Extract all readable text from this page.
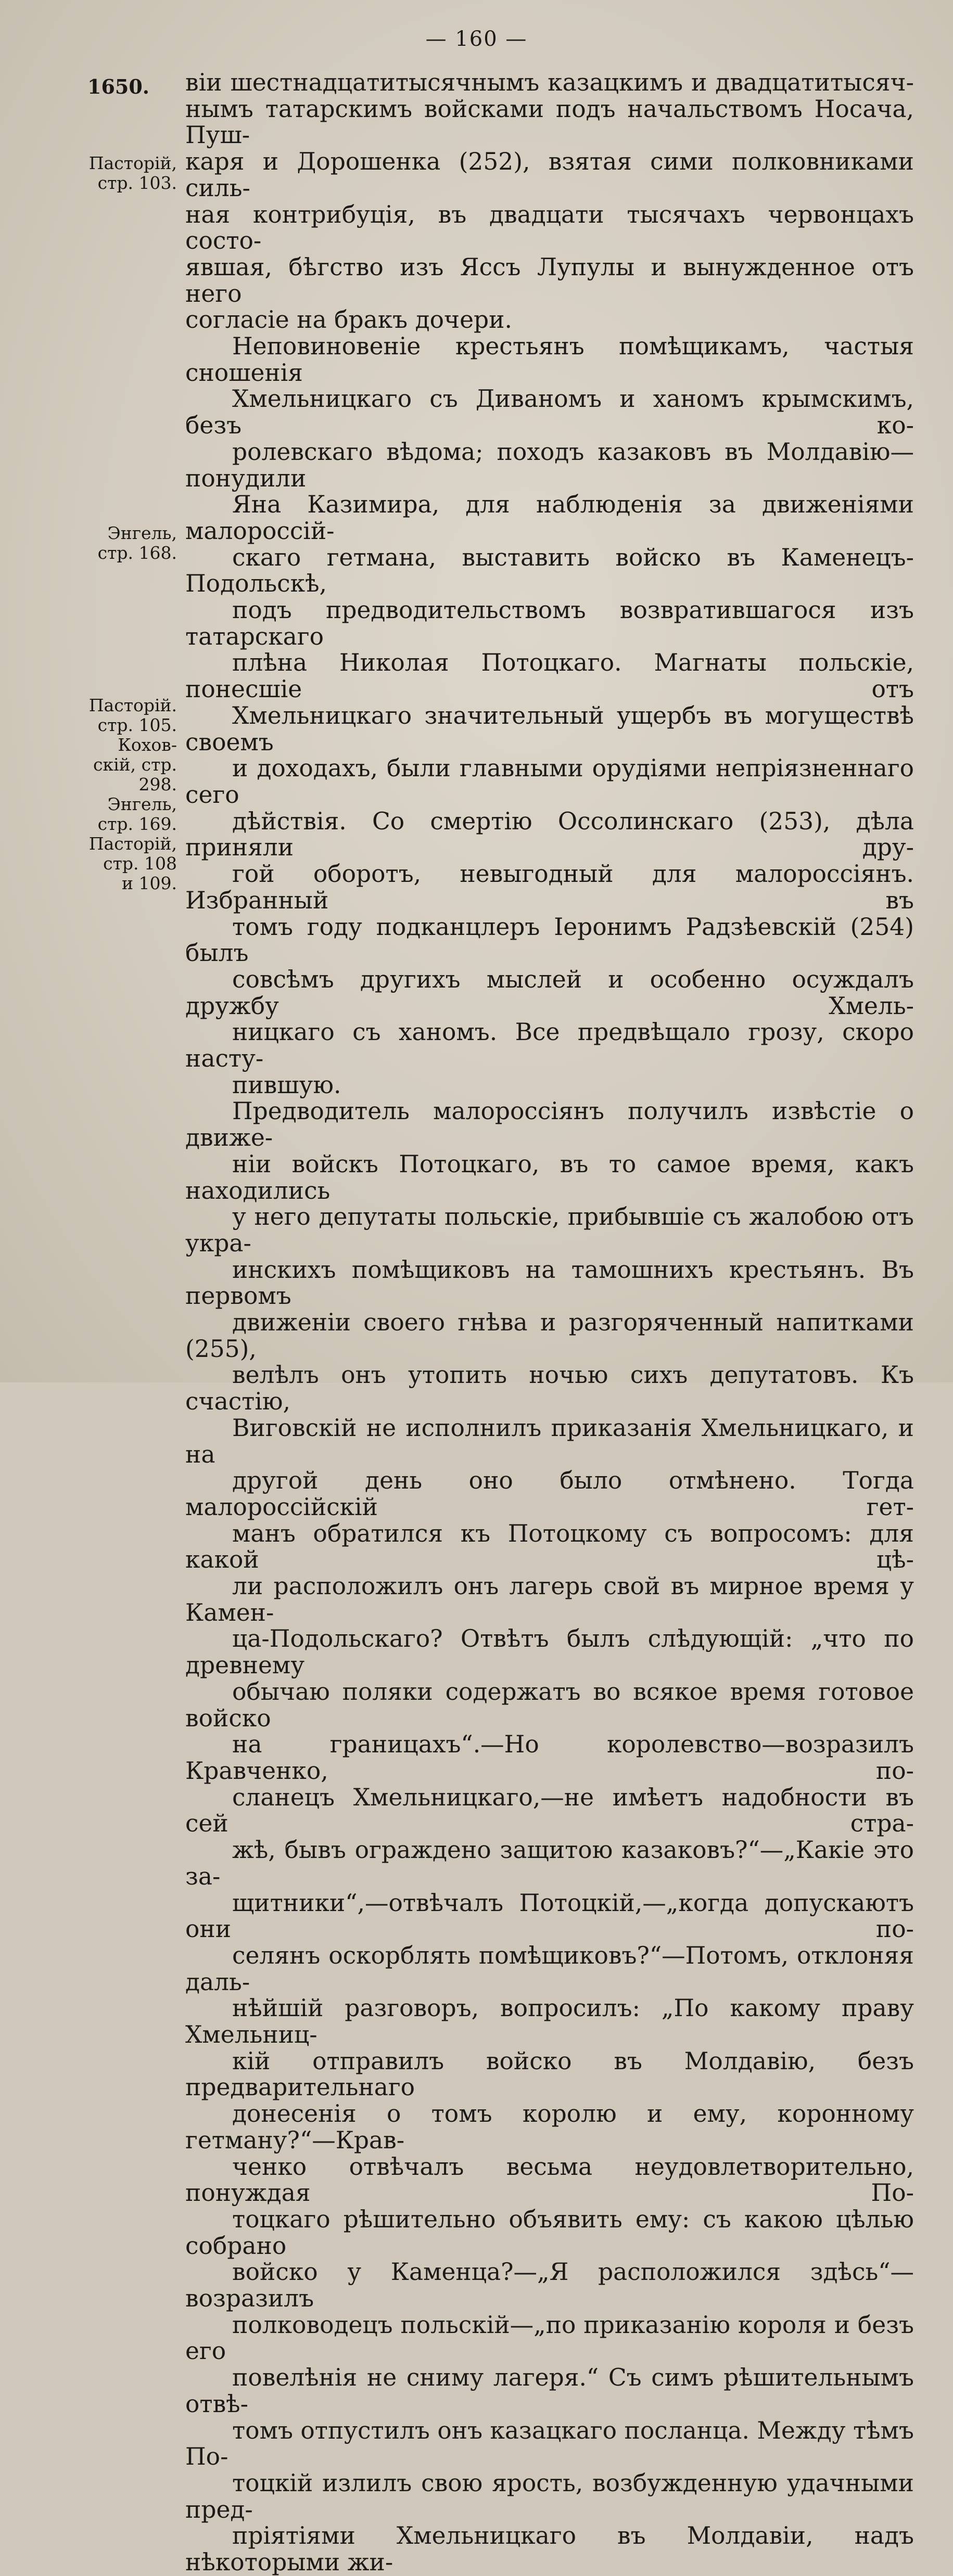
— 160 —
1650.
Пасторій,
стр. 103.
Энгель,
стр. 168.
Пасторій.
стр. 105.
Кохов-
скій, стр.
298.
Энгель,
стр. 169.
Пасторій,
стр. 108
и 109.

віи шестнадцатитысячнымъ казацкимъ и двадцатитысяч-
нымъ татарскимъ войсками подъ начальствомъ Носача, Пуш-
каря и Дорошенка (252), взятая сими полковниками силь-
ная контрибуція, въ двадцати тысячахъ червонцахъ состо-
явшая, бѣгство изъ Яссъ Лупулы и вынужденное отъ него
согласіе на бракъ дочери.

Неповиновеніе крестьянъ помѣщикамъ, частыя сношенія
Хмельницкаго съ Диваномъ и ханомъ крымскимъ, безъ ко-
ролевскаго вѣдома; походъ казаковъ въ Молдавію—понудили
Яна Казимира, для наблюденія за движеніями малороссій-
скаго гетмана, выставить войско въ Каменецъ-Подольскѣ,
подъ предводительствомъ возвратившагося изъ татарскаго
плѣна Николая Потоцкаго. Магнаты польскіе, понесшіе отъ
Хмельницкаго значительный ущербъ въ могуществѣ своемъ
и доходахъ, были главными орудіями непріязненнаго сего
дѣйствія. Со смертію Оссолинскаго (253), дѣла приняли дру-
гой оборотъ, невыгодный для малороссіянъ. Избранный въ
томъ году подканцлеръ Іеронимъ Радзѣевскій (254) былъ
совсѣмъ другихъ мыслей и особенно осуждалъ дружбу Хмель-
ницкаго съ ханомъ. Все предвѣщало грозу, скоро насту-
пившую.

Предводитель малороссіянъ получилъ извѣстіе о движе-
ніи войскъ Потоцкаго, въ то самое время, какъ находились
у него депутаты польскіе, прибывшіе съ жалобою отъ укра-
инскихъ помѣщиковъ на тамошнихъ крестьянъ. Въ первомъ
движеніи своего гнѣва и разгоряченный напитками (255),
велѣлъ онъ утопить ночью сихъ депутатовъ. Къ счастію,
Виговскій не исполнилъ приказанія Хмельницкаго, и на
другой день оно было отмѣнено. Тогда малороссійскій гет-
манъ обратился къ Потоцкому съ вопросомъ: для какой цѣ-
ли расположилъ онъ лагерь свой въ мирное время у Камен-
ца-Подольскаго? Отвѣтъ былъ слѣдующій: „что по древнему
обычаю поляки содержатъ во всякое время готовое войско
на границахъ“.—Но королевство—возразилъ Кравченко, по-
сланецъ Хмельницкаго,—не имѣетъ надобности въ сей стра-
жѣ, бывъ ограждено защитою казаковъ?“—„Какіе это за-
щитники“,—отвѣчалъ Потоцкій,—„когда допускаютъ они по-
селянъ оскорблять помѣщиковъ?“—Потомъ, отклоняя даль-
нѣйшій разговоръ, вопросилъ: „По какому праву Хмельниц-
кій отправилъ войско въ Молдавію, безъ предварительнаго
донесенія о томъ королю и ему, коронному гетману?“—Крав-
ченко отвѣчалъ весьма неудовлетворительно, понуждая По-
тоцкаго рѣшительно объявить ему: съ какою цѣлью собрано
войско у Каменца?—„Я расположился здѣсь“—возразилъ
полководецъ польскій—„по приказанію короля и безъ его
повелѣнія не сниму лагеря.“ Съ симъ рѣшительнымъ отвѣ-
томъ отпустилъ онъ казацкаго посланца. Между тѣмъ По-
тоцкій излилъ свою ярость, возбужденную удачными пред-
пріятіями Хмельницкаго въ Молдавіи, надъ нѣкоторыми жи-
